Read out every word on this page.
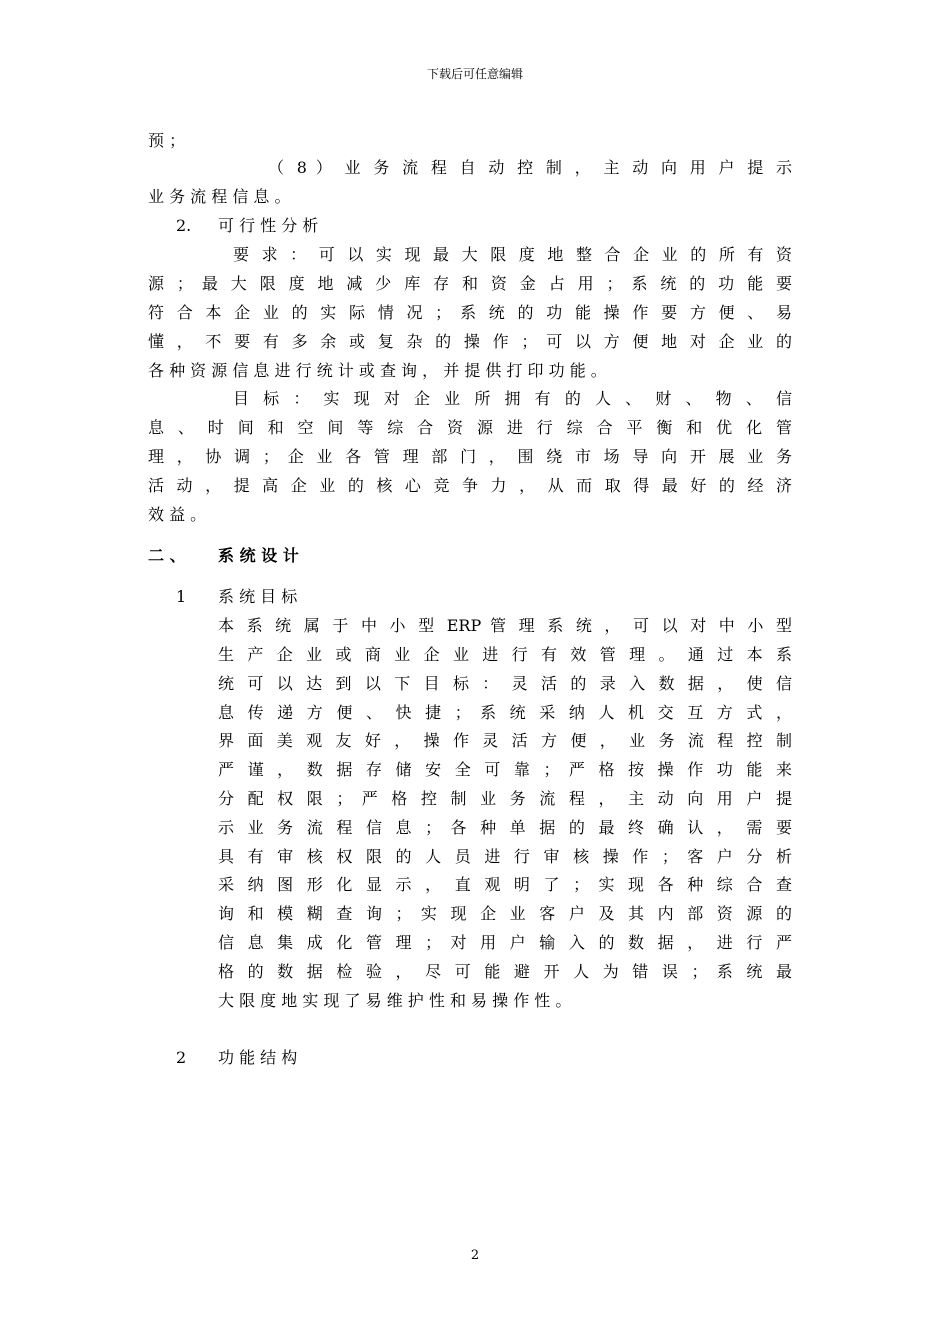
下载后可任意编辑
预 ；
（ 8 ） 业 务 流 程 自 动 控 制 ， 主 动 向 用 户 提 示
业 务 流 程 信 息 。
2. 可 行 性 分 析
要 求 ： 可 以 实 现 最 大 限 度 地 整 合 企 业 的 所 有 资
源 ； 最 大 限 度 地 减 少 库 存 和 资 金 占 用 ； 系 统 的 功 能 要
符 合 本 企 业 的 实 际 情 况 ； 系 统 的 功 能 操 作 要 方 便 、 易
懂 ， 不 要 有 多 余 或 复 杂 的 操 作 ； 可 以 方 便 地 对 企 业 的
各 种 资 源 信 息 进 行 统 计 或 查 询 ， 并 提 供 打 印 功 能 。
目 标 ： 实 现 对 企 业 所 拥 有 的 人 、 财 、 物 、 信
息 、 时 间 和 空 间 等 综 合 资 源 进 行 综 合 平 衡 和 优 化 管
理 ， 协 调 ； 企 业 各 管 理 部 门 ， 围 绕 市 场 导 向 开 展 业 务
活 动 ， 提 高 企 业 的 核 心 竞 争 力 ， 从 而 取 得 最 好 的 经 济
效 益 。
二 、 系 统 设 计
1 系 统 目 标
本 系 统 属 于 中 小 型 ERP 管 理 系 统 ， 可 以 对 中 小 型
生 产 企 业 或 商 业 企 业 进 行 有 效 管 理 。 通 过 本 系
统 可 以 达 到 以 下 目 标 ： 灵 活 的 录 入 数 据 ， 使 信
息 传 递 方 便 、 快 捷 ； 系 统 采 纳 人 机 交 互 方 式 ，
界 面 美 观 友 好 ， 操 作 灵 活 方 便 ， 业 务 流 程 控 制
严 谨 ， 数 据 存 储 安 全 可 靠 ； 严 格 按 操 作 功 能 来
分 配 权 限 ； 严 格 控 制 业 务 流 程 ， 主 动 向 用 户 提
示 业 务 流 程 信 息 ； 各 种 单 据 的 最 终 确 认 ， 需 要
具 有 审 核 权 限 的 人 员 进 行 审 核 操 作 ； 客 户 分 析
采 纳 图 形 化 显 示 ， 直 观 明 了 ； 实 现 各 种 综 合 查
询 和 模 糊 查 询 ； 实 现 企 业 客 户 及 其 内 部 资 源 的
信 息 集 成 化 管 理 ； 对 用 户 输 入 的 数 据 ， 进 行 严
格 的 数 据 检 验 ， 尽 可 能 避 开 人 为 错 误 ； 系 统 最
大 限 度 地 实 现 了 易 维 护 性 和 易 操 作 性 。
2 功 能 结 构
2
